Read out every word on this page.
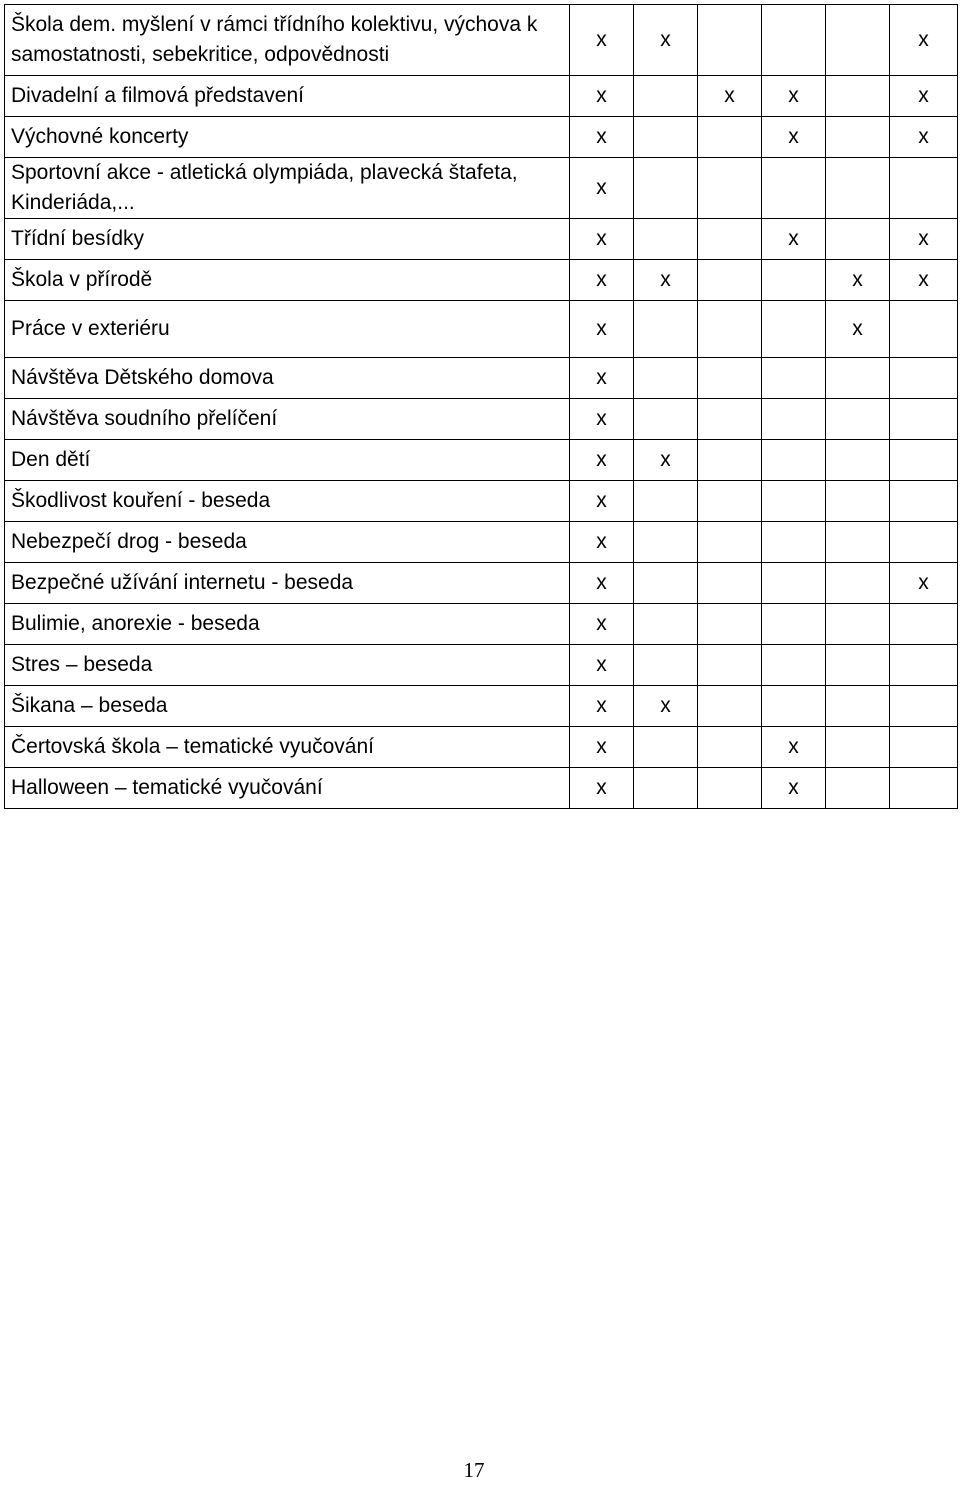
Škola dem. myšlení v rámci třídního kolektivu, výchova k samostatnosti, sebekritice, odpovědnosti	x	x				x
Divadelní a filmová představení	x		x	x		x
Výchovné koncerty	x			x		x
Sportovní akce - atletická olympiáda, plavecká štafeta, Kinderiáda,...	x					
Třídní besídky	x			x		x
Škola v přírodě	x	x			x	x
Práce v exteriéru	x				x	
Návštěva Dětského domova	x					
Návštěva soudního přelíčení	x					
Den dětí	x	x				
Škodlivost kouření - beseda	x					
Nebezpečí drog - beseda	x					
Bezpečné užívání internetu - beseda	x					x
Bulimie, anorexie - beseda	x					
Stres – beseda	x					
Šikana – beseda	x	x				
Čertovská škola – tematické vyučování	x			x		
Halloween – tematické vyučování	x			x		
17
